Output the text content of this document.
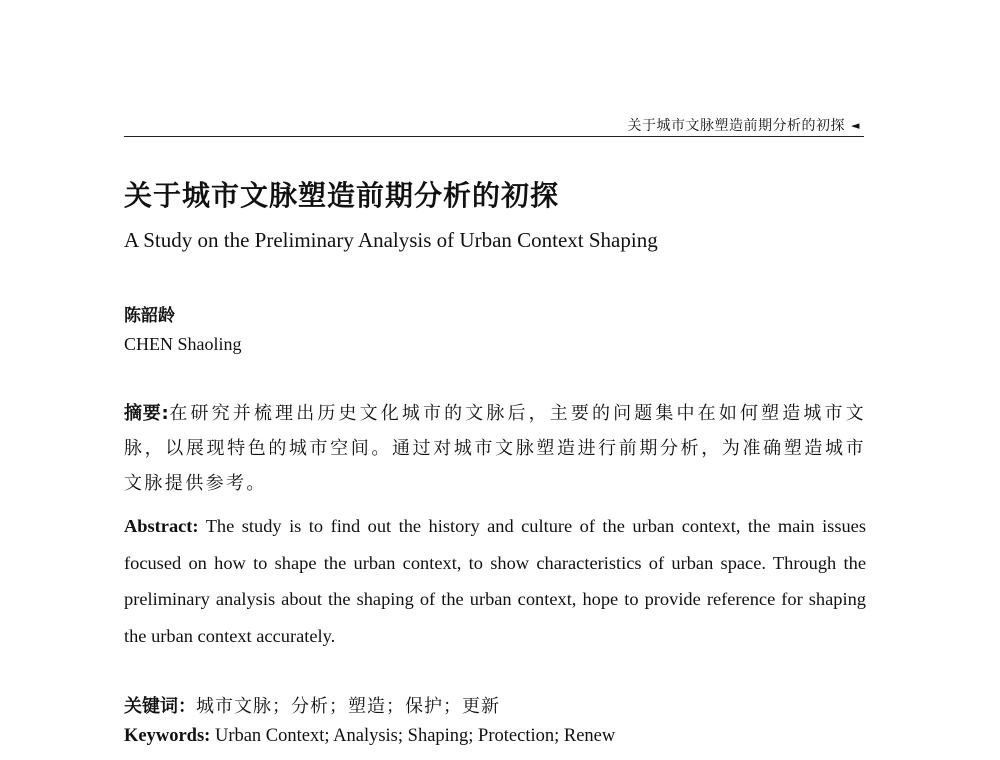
关于城市文脉塑造前期分析的初探 ◄
关于城市文脉塑造前期分析的初探
A Study on the Preliminary Analysis of Urban Context Shaping
陈韶龄
CHEN Shaoling
摘要:在研究并梳理出历史文化城市的文脉后，主要的问题集中在如何塑造城市文脉，以展现特色的城市空间。通过对城市文脉塑造进行前期分析，为准确塑造城市文脉提供参考。
Abstract: The study is to find out the history and culture of the urban context, the main issues focused on how to shape the urban context, to show characteristics of urban space. Through the preliminary analysis about the shaping of the urban context, hope to provide reference for shaping the urban context accurately.
关键词：城市文脉；分析；塑造；保护；更新
Keywords: Urban Context; Analysis; Shaping; Protection; Renew
